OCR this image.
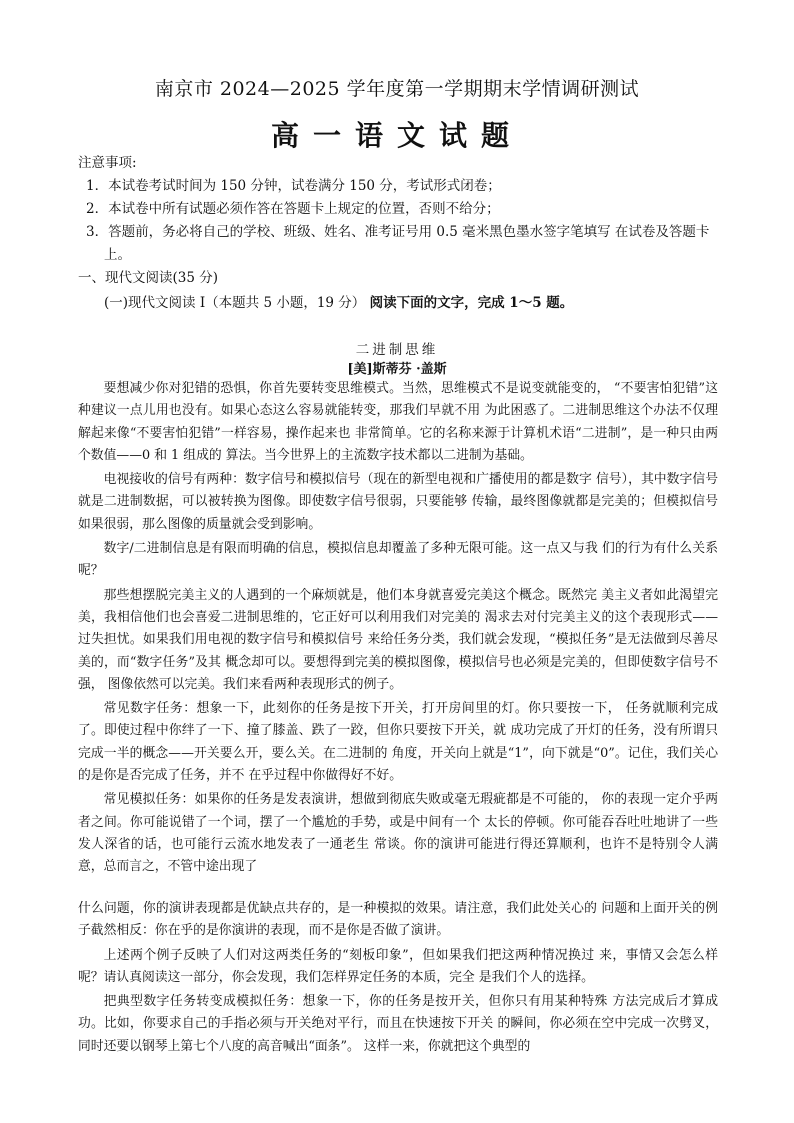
南京市 2024—2025 学年度第一学期期末学情调研测试
高一语文试题
注意事项:
1．本试卷考试时间为 150 分钟，试卷满分 150 分，考试形式闭卷；
2．本试卷中所有试题必须作答在答题卡上规定的位置，否则不给分；
3．答题前，务必将自己的学校、班级、姓名、准考证号用 0.5 毫米黑色墨水签字笔填写 在试卷及答题卡上。
一、现代文阅读(35 分)
(一)现代文阅读 Ⅰ（本题共 5 小题，19 分） 阅读下面的文字，完成 1～5 题。
二进制思维
[美]斯蒂芬 ·盖斯

要想减少你对犯错的恐惧，你首先要转变思维模式。当然，思维模式不是说变就能变的， “不要害怕犯错”这种建议一点儿用也没有。如果心态这么容易就能转变，那我们早就不用 为此困惑了。二进制思维这个办法不仅理解起来像“不要害怕犯错”一样容易，操作起来也 非常简单。它的名称来源于计算机术语“二进制”，是一种只由两个数值——0 和 1 组成的 算法。当今世界上的主流数字技术都以二进制为基础。

电视接收的信号有两种：数字信号和模拟信号（现在的新型电视和广播使用的都是数字 信号），其中数字信号就是二进制数据，可以被转换为图像。即使数字信号很弱，只要能够 传输，最终图像就都是完美的；但模拟信号如果很弱，那么图像的质量就会受到影响。

数字/二进制信息是有限而明确的信息，模拟信息却覆盖了多种无限可能。这一点又与我 们的行为有什么关系呢？

那些想摆脱完美主义的人遇到的一个麻烦就是，他们本身就喜爱完美这个概念。既然完 美主义者如此渴望完美，我相信他们也会喜爱二进制思维的，它正好可以利用我们对完美的 渴求去对付完美主义的这个表现形式——过失担忧。如果我们用电视的数字信号和模拟信号 来给任务分类，我们就会发现，“模拟任务”是无法做到尽善尽美的，而“数字任务”及其 概念却可以。要想得到完美的模拟图像，模拟信号也必须是完美的，但即使数字信号不强， 图像依然可以完美。我们来看两种表现形式的例子。

常见数字任务：想象一下，此刻你的任务是按下开关，打开房间里的灯。你只要按一下， 任务就顺利完成了。即使过程中你绊了一下、撞了膝盖、跌了一跤，但你只要按下开关，就 成功完成了开灯的任务，没有所谓只完成一半的概念——开关要么开，要么关。在二进制的 角度，开关向上就是“1”，向下就是“0”。记住，我们关心的是你是否完成了任务，并不 在乎过程中你做得好不好。

常见模拟任务：如果你的任务是发表演讲，想做到彻底失败或毫无瑕疵都是不可能的， 你的表现一定介乎两者之间。你可能说错了一个词，摆了一个尴尬的手势，或是中间有一个 太长的停顿。你可能吞吞吐吐地讲了一些发人深省的话，也可能行云流水地发表了一通老生 常谈。你的演讲可能进行得还算顺利，也许不是特别令人满意，总而言之，不管中途出现了

什么问题，你的演讲表现都是优缺点共存的，是一种模拟的效果。请注意，我们此处关心的 问题和上面开关的例子截然相反：你在乎的是你演讲的表现，而不是你是否做了演讲。

上述两个例子反映了人们对这两类任务的“刻板印象”，但如果我们把这两种情况换过 来，事情又会怎么样呢？请认真阅读这一部分，你会发现，我们怎样界定任务的本质，完全 是我们个人的选择。

把典型数字任务转变成模拟任务：想象一下，你的任务是按开关，但你只有用某种特殊 方法完成后才算成功。比如，你要求自己的手指必须与开关绝对平行，而且在快速按下开关 的瞬间，你必须在空中完成一次劈叉，同时还要以钢琴上第七个八度的高音喊出“面条”。 这样一来，你就把这个典型的
